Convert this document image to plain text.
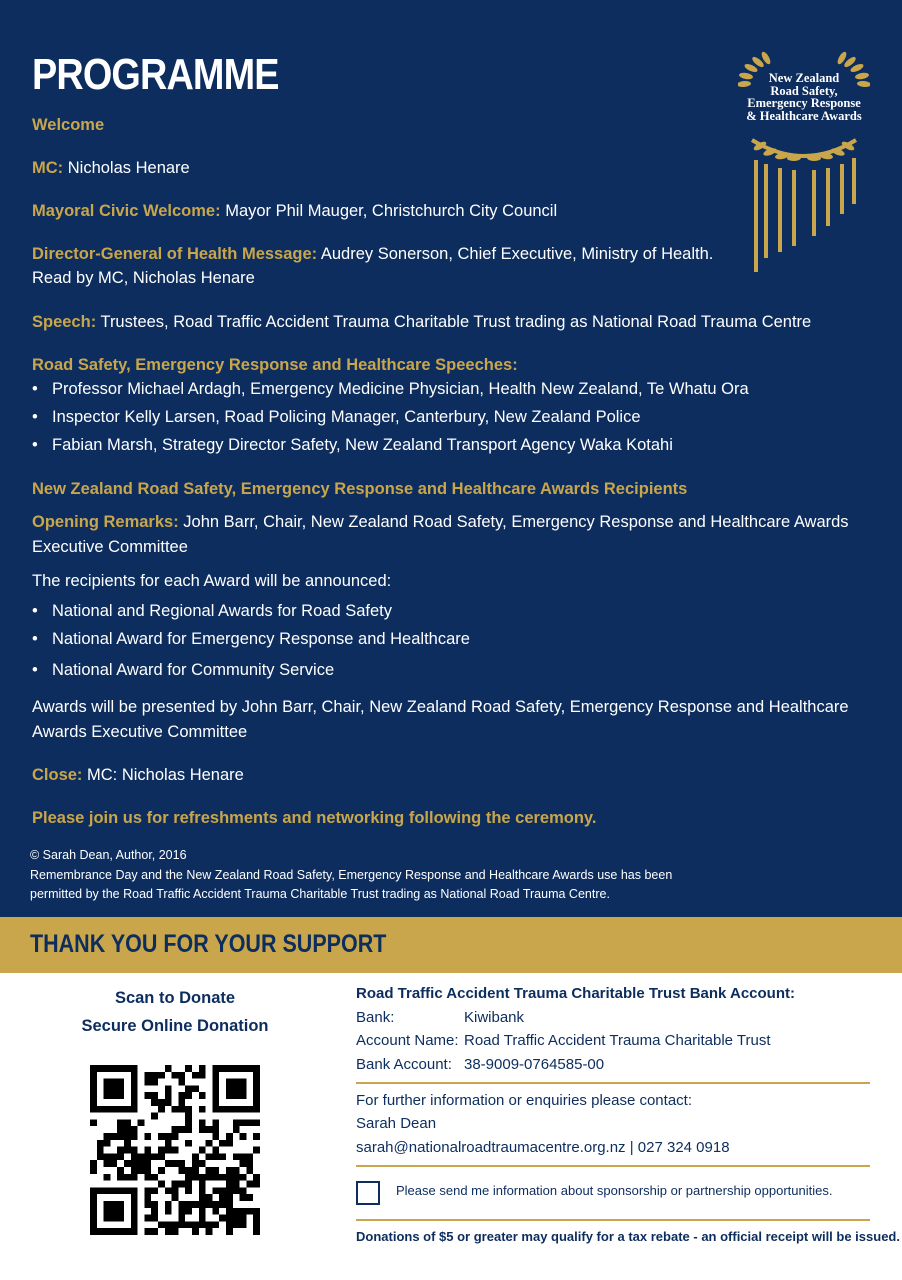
PROGRAMME
Welcome
MC: Nicholas Henare
Mayoral Civic Welcome: Mayor Phil Mauger, Christchurch City Council
Director-General of Health Message: Audrey Sonerson, Chief Executive, Ministry of Health.
Read by MC, Nicholas Henare
Speech: Trustees, Road Traffic Accident Trauma Charitable Trust trading as National Road Trauma Centre
Road Safety, Emergency Response and Healthcare Speeches:
• Professor Michael Ardagh, Emergency Medicine Physician, Health New Zealand, Te Whatu Ora
• Inspector Kelly Larsen, Road Policing Manager, Canterbury, New Zealand Police
• Fabian Marsh, Strategy Director Safety, New Zealand Transport Agency Waka Kotahi
New Zealand Road Safety, Emergency Response and Healthcare Awards Recipients
Opening Remarks: John Barr, Chair, New Zealand Road Safety, Emergency Response and Healthcare Awards
Executive Committee
The recipients for each Award will be announced:
• National and Regional Awards for Road Safety
• National Award for Emergency Response and Healthcare
• National Award for Community Service
Awards will be presented by John Barr, Chair, New Zealand Road Safety, Emergency Response and Healthcare
Awards Executive Committee
Close: MC: Nicholas Henare
Please join us for refreshments and networking following the ceremony.
© Sarah Dean, Author, 2016
Remembrance Day and the New Zealand Road Safety, Emergency Response and Healthcare Awards use has been
permitted by the Road Traffic Accident Trauma Charitable Trust trading as National Road Trauma Centre.
New Zealand
Road Safety,
Emergency Response
& Healthcare Awards
THANK YOU FOR YOUR SUPPORT
Scan to Donate
Secure Online Donation
Road Traffic Accident Trauma Charitable Trust Bank Account:
Bank:	Kiwibank
Account Name: Road Traffic Accident Trauma Charitable Trust
Bank Account: 38-9009-0764585-00
For further information or enquiries please contact:
Sarah Dean
sarah@nationalroadtraumacentre.org.nz | 027 324 0918
Please send me information about sponsorship or partnership opportunities.
Donations of $5 or greater may qualify for a tax rebate - an official receipt will be issued.
